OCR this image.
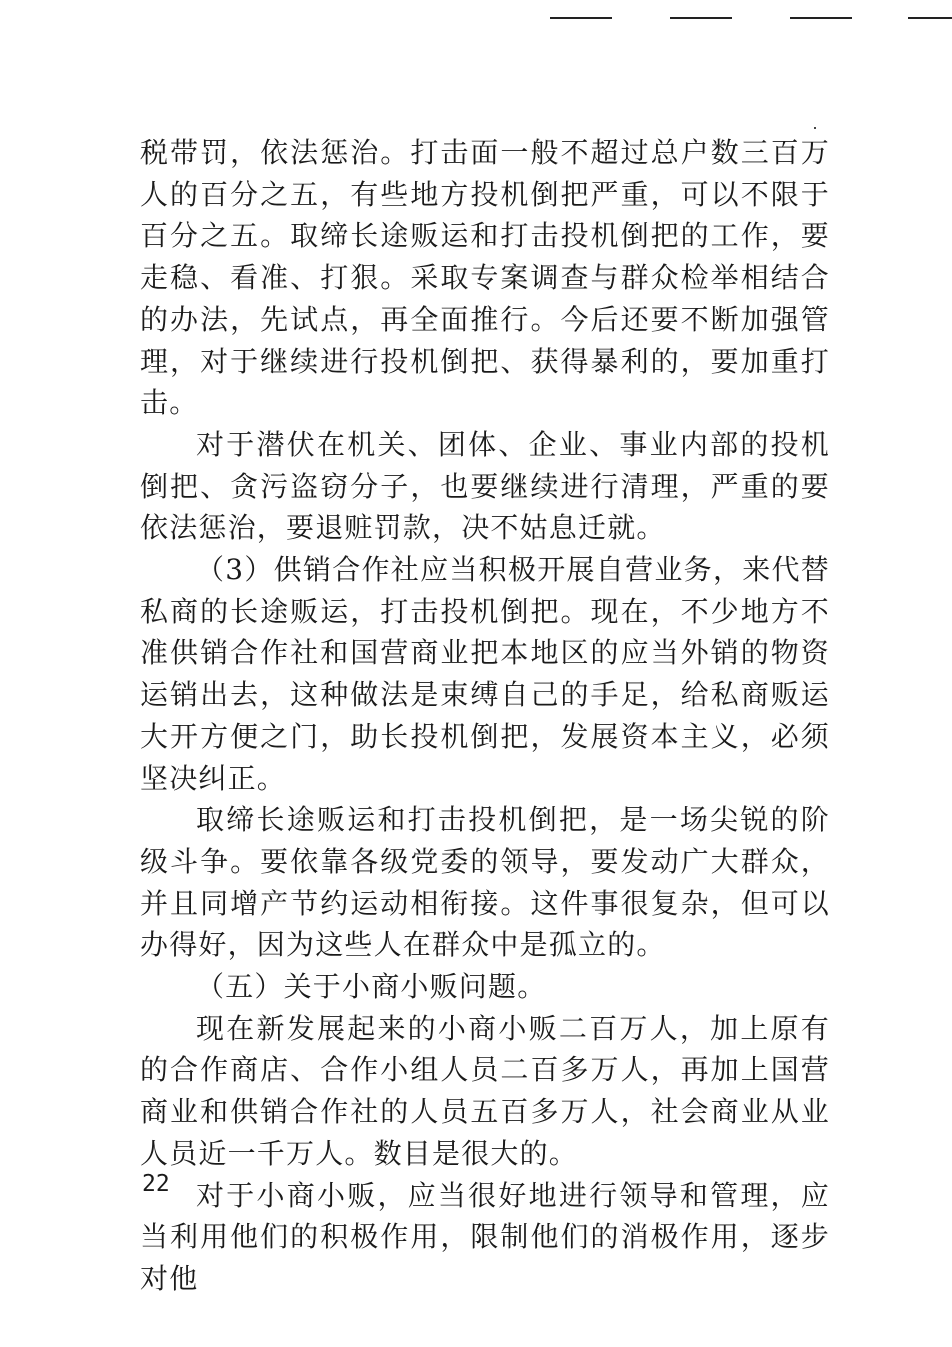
税带罚，依法惩治。打击面一般不超过总户数三百万人的百分之五，有些地方投机倒把严重，可以不限于百分之五。取缔长途贩运和打击投机倒把的工作，要走稳、看准、打狠。采取专案调查与群众检举相结合的办法，先试点，再全面推行。今后还要不断加强管理，对于继续进行投机倒把、获得暴利的，要加重打击。

对于潜伏在机关、团体、企业、事业内部的投机倒把、贪污盗窃分子，也要继续进行清理，严重的要依法惩治，要退赃罚款，决不姑息迁就。

（3）供销合作社应当积极开展自营业务，来代替私商的长途贩运，打击投机倒把。现在，不少地方不准供销合作社和国营商业把本地区的应当外销的物资运销出去，这种做法是束缚自己的手足，给私商贩运大开方便之门，助长投机倒把，发展资本主义，必须坚决纠正。

取缔长途贩运和打击投机倒把，是一场尖锐的阶级斗争。要依靠各级党委的领导，要发动广大群众，并且同增产节约运动相衔接。这件事很复杂，但可以办得好，因为这些人在群众中是孤立的。

（五）关于小商小贩问题。

现在新发展起来的小商小贩二百万人，加上原有的合作商店、合作小组人员二百多万人，再加上国营商业和供销合作社的人员五百多万人，社会商业从业人员近一千万人。数目是很大的。

对于小商小贩，应当很好地进行领导和管理，应当利用他们的积极作用，限制他们的消极作用，逐步对他

22
